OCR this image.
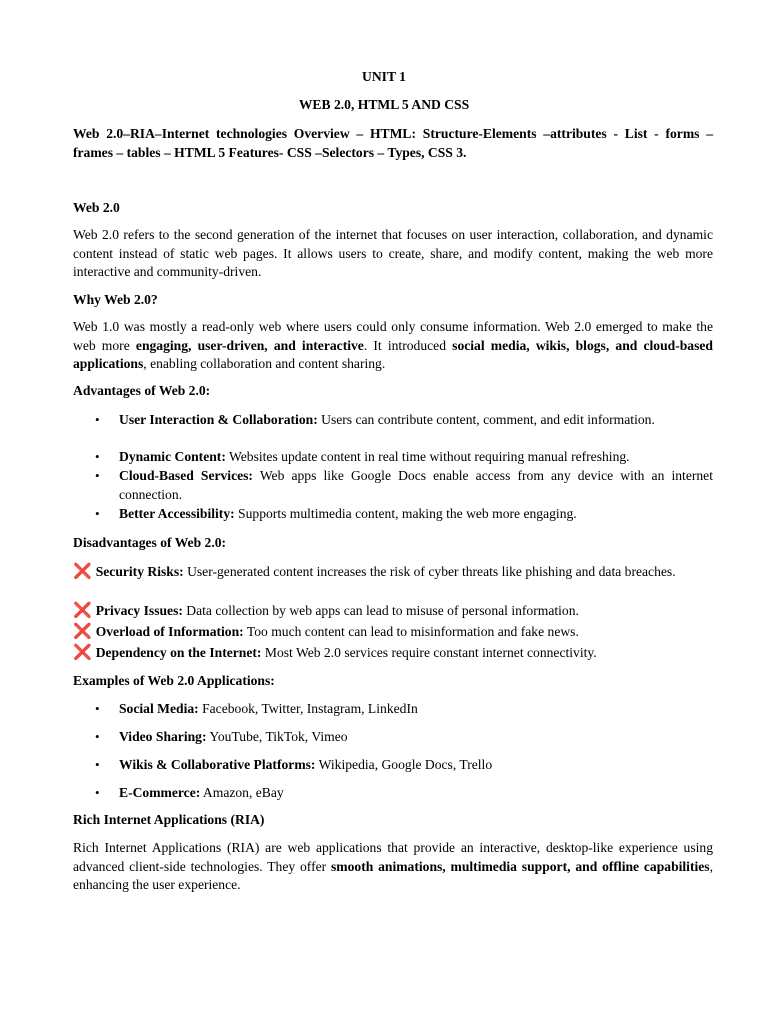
UNIT 1
WEB 2.0, HTML 5 AND CSS
Web 2.0–RIA–Internet technologies Overview – HTML: Structure-Elements –attributes - List - forms – frames – tables – HTML 5 Features- CSS –Selectors – Types, CSS 3.
Web 2.0
Web 2.0 refers to the second generation of the internet that focuses on user interaction, collaboration, and dynamic content instead of static web pages. It allows users to create, share, and modify content, making the web more interactive and community-driven.
Why Web 2.0?
Web 1.0 was mostly a read-only web where users could only consume information. Web 2.0 emerged to make the web more engaging, user-driven, and interactive. It introduced social media, wikis, blogs, and cloud-based applications, enabling collaboration and content sharing.
Advantages of Web 2.0:
• User Interaction & Collaboration: Users can contribute content, comment, and edit information.
• Dynamic Content: Websites update content in real time without requiring manual refreshing.
• Cloud-Based Services: Web apps like Google Docs enable access from any device with an internet connection.
• Better Accessibility: Supports multimedia content, making the web more engaging.
Disadvantages of Web 2.0:
❌ Security Risks: User-generated content increases the risk of cyber threats like phishing and data breaches.
❌ Privacy Issues: Data collection by web apps can lead to misuse of personal information.
❌ Overload of Information: Too much content can lead to misinformation and fake news.
❌ Dependency on the Internet: Most Web 2.0 services require constant internet connectivity.
Examples of Web 2.0 Applications:
• Social Media: Facebook, Twitter, Instagram, LinkedIn
• Video Sharing: YouTube, TikTok, Vimeo
• Wikis & Collaborative Platforms: Wikipedia, Google Docs, Trello
• E-Commerce: Amazon, eBay
Rich Internet Applications (RIA)
Rich Internet Applications (RIA) are web applications that provide an interactive, desktop-like experience using advanced client-side technologies. They offer smooth animations, multimedia support, and offline capabilities, enhancing the user experience.
